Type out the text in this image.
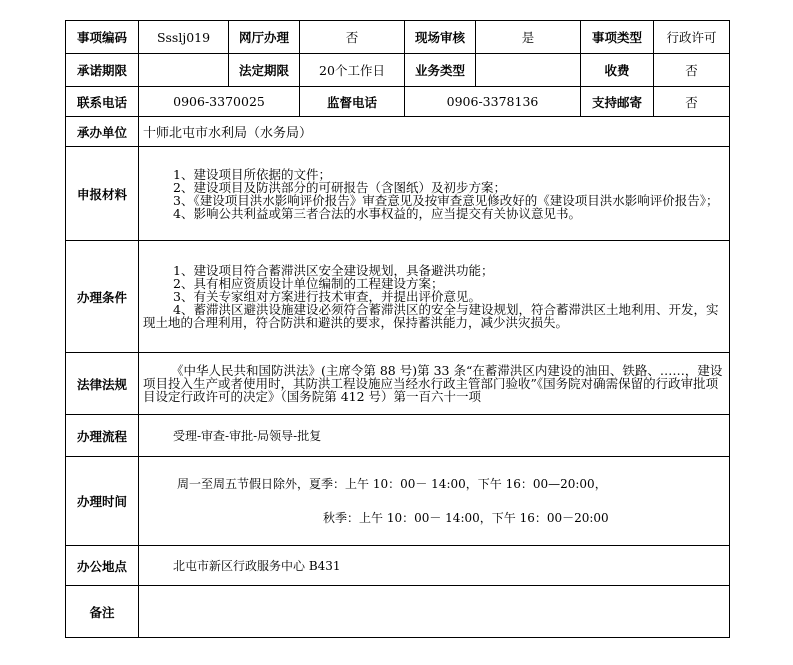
事项编码	Ssslj019	网厅办理	否	现场审核	是	事项类型	行政许可
承诺期限		法定期限	20个工作日	业务类型		收费	否
联系电话	0906-3370025		监督电话	0906-3378136		支持邮寄	否
承办单位	十师北屯市水利局（水务局）						
申报材料	1、建设项目所依据的文件；
2、建设项目及防洪部分的可研报告（含图纸）及初步方案；
3、《建设项目洪水影响评价报告》审查意见及按审查意见修改好的《建设项目洪水影响评价报告》；
4、影响公共利益或第三者合法的水事权益的，应当提交有关协议意见书。						

办理条件	1、建设项目符合蓄滞洪区安全建设规划，具备避洪功能；
2、具有相应资质设计单位编制的工程建设方案；
3、有关专家组对方案进行技术审查，并提出评价意见。
4、蓄滞洪区避洪设施建设必须符合蓄滞洪区的安全与建设规划，符合蓄滞洪区土地利用、开发，实现土地的合理利用，符合防洪和避洪的要求，保持蓄洪能力，减少洪灾损失。						

法律法规	《中华人民共和国防洪法》(主席令第 88 号)第 33 条“在蓄滞洪区内建设的油田、铁路、……，建设项目投入生产或者使用时，其防洪工程设施应当经水行政主管部门验收”《国务院对确需保留的行政审批项目设定行政许可的决定》（国务院第 412 号）第一百六十一项						
办理流程	受理-审查-审批-局领导-批复						
办理时间	周一至周五节假日除外，夏季：上午 10：00－ 14:00，下午 16：00—20:00，
秋季：上午 10：00－ 14:00，下午 16：00－20:00						

办公地点	北屯市新区行政服务中心 B431						
备注							
